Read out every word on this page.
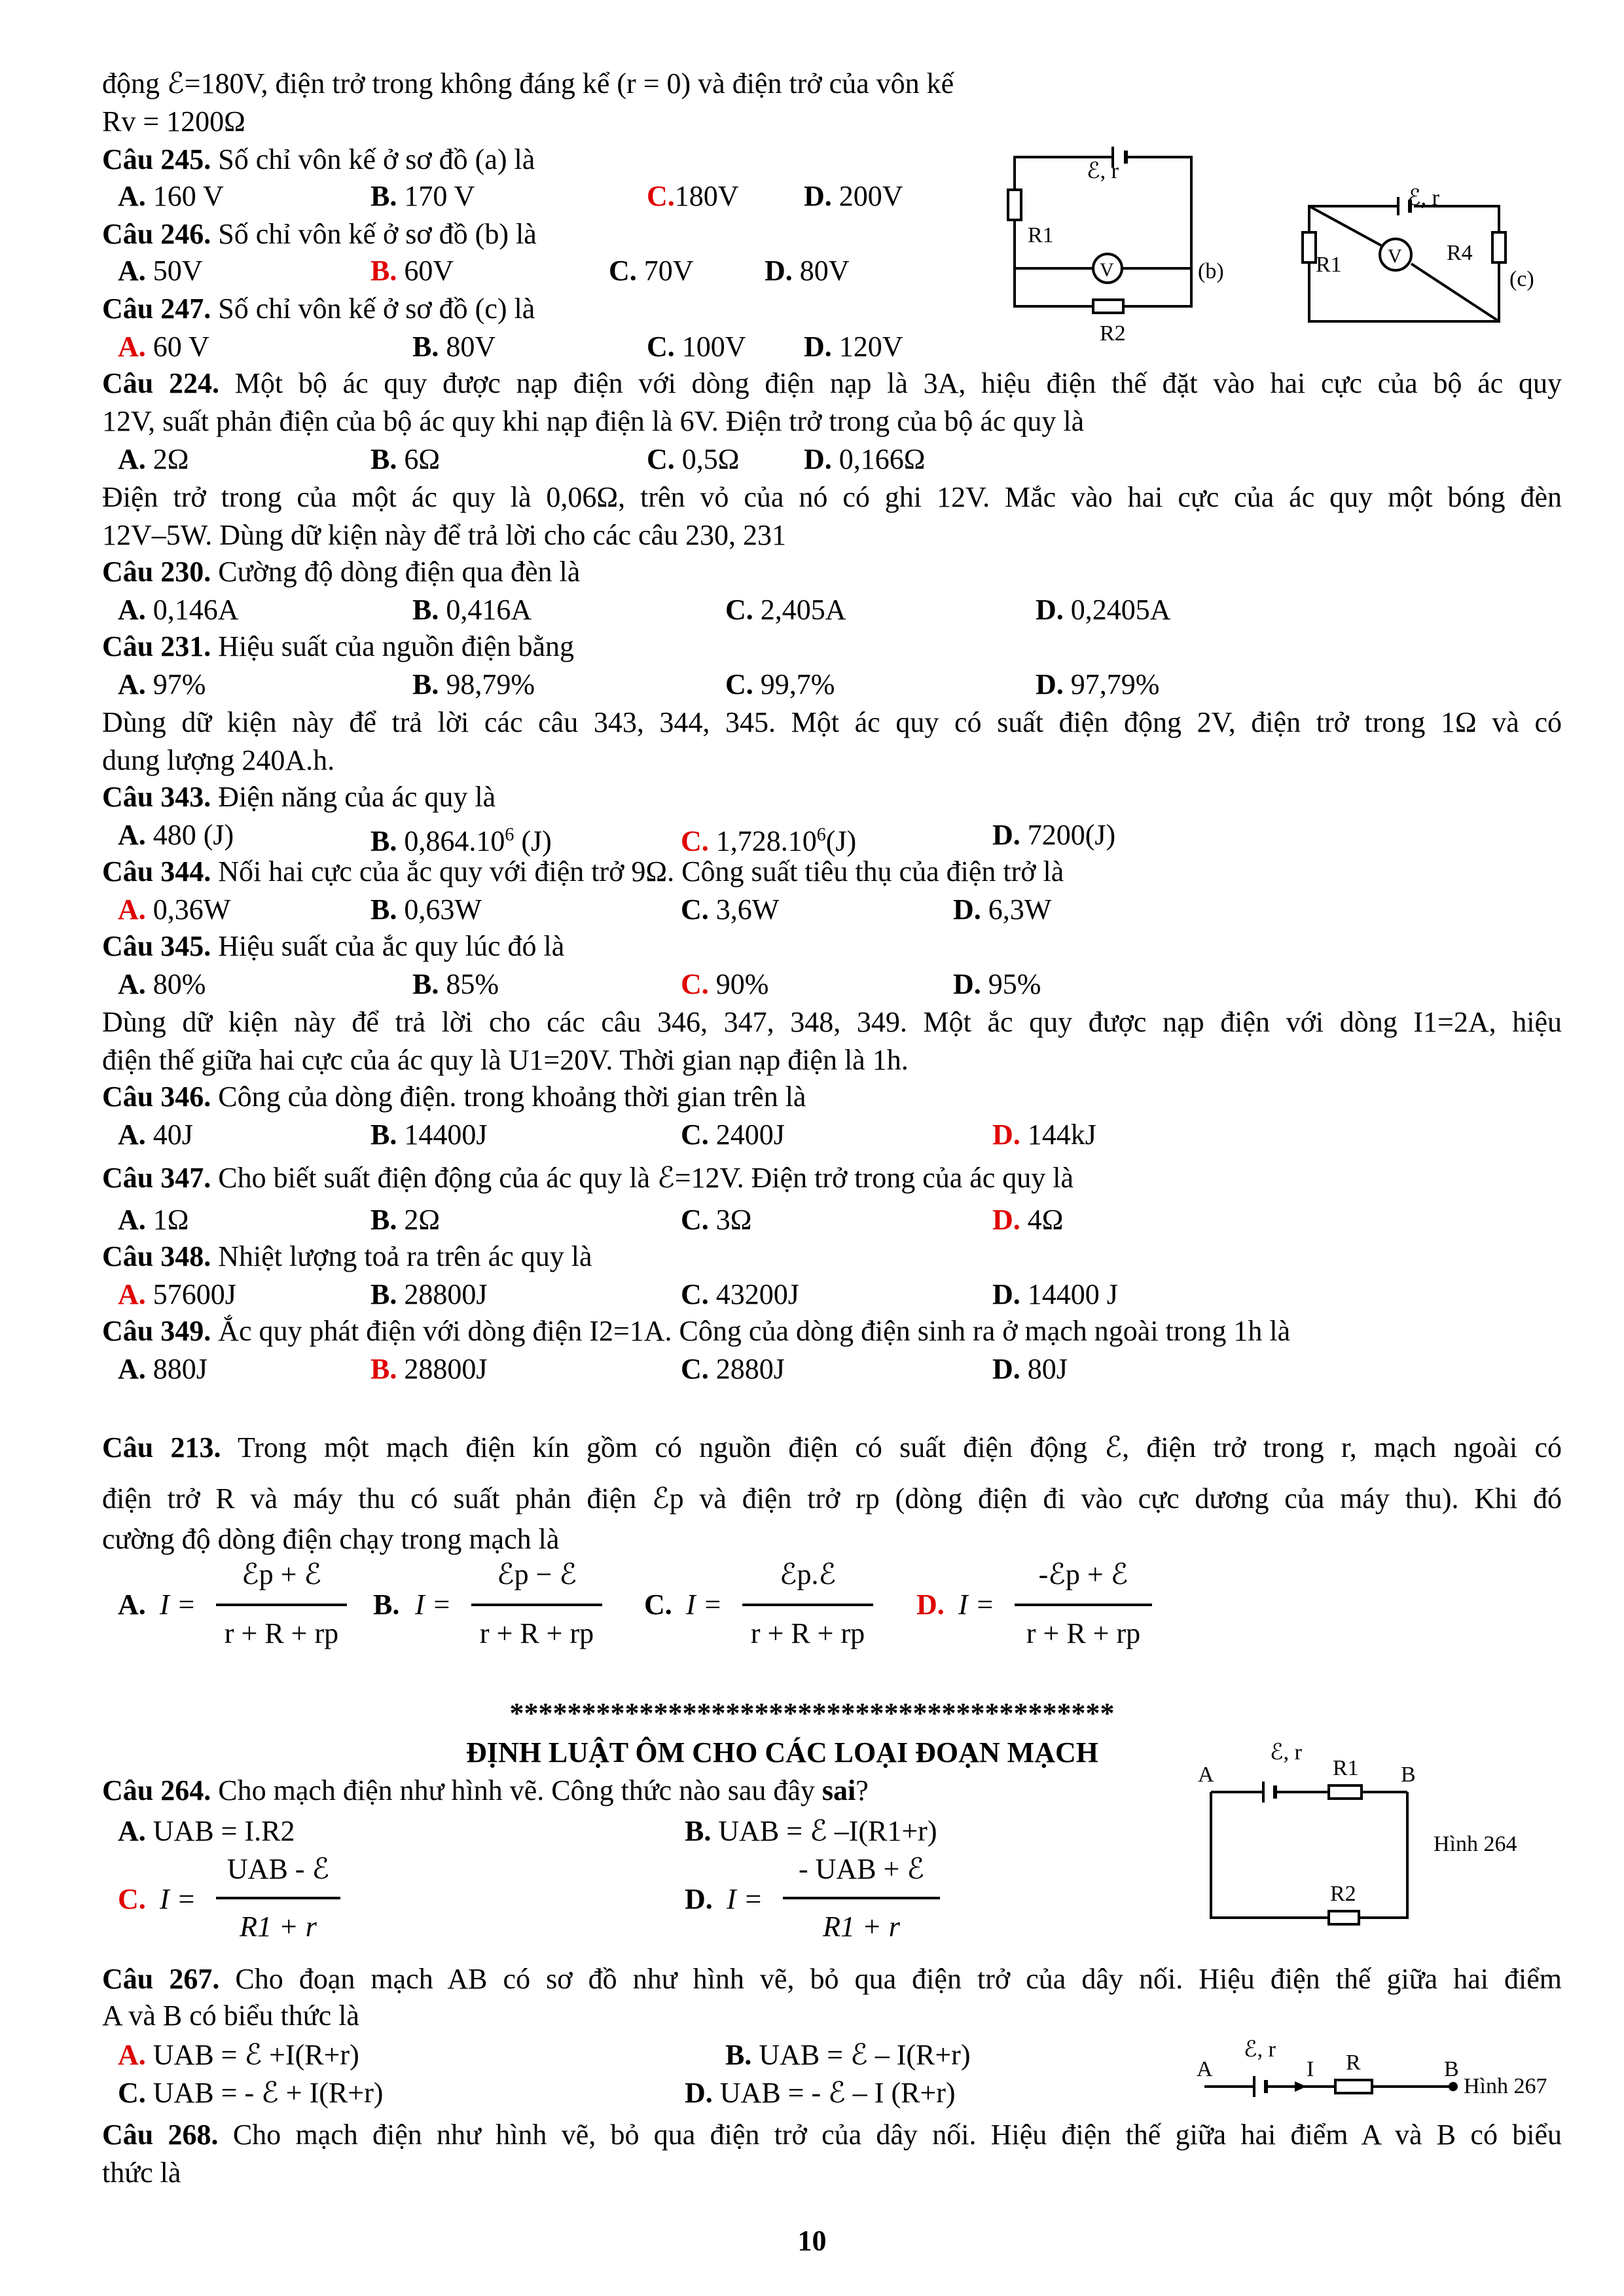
động ℰ=180V, điện trở trong không đáng kể (r = 0) và điện trở của vôn kế
Rv = 1200Ω
Câu 245. Số chỉ vôn kế ở sơ đồ (a) là
A. 160 V	B. 170 V	C.180V D. 200V
Câu 246. Số chỉ vôn kế ở sơ đồ (b) là
A. 50V	B. 60V	C. 70V D. 80V
Câu 247. Số chỉ vôn kế ở sơ đồ (c) là
A. 60 V	B. 80V	C. 100V D. 120V
ℰ, r
R1
V	(b)
R2
ℰ, r
R1 V R4
(c)
Câu 224. Một bộ ác quy được nạp điện với dòng điện nạp là 3A, hiệu điện thế đặt vào hai cực của bộ ác quy
12V, suất phản điện của bộ ác quy khi nạp điện là 6V. Điện trở trong của bộ ác quy là
A. 2Ω	B. 6Ω	C. 0,5Ω D. 0,166Ω
Điện trở trong của một ác quy là 0,06Ω, trên vỏ của nó có ghi 12V. Mắc vào hai cực của ác quy một bóng đèn
12V–5W. Dùng dữ kiện này để trả lời cho các câu 230, 231
Câu 230. Cường độ dòng điện qua đèn là
A. 0,146A	B. 0,416A	C. 2,405A	D. 0,2405A
Câu 231. Hiệu suất của nguồn điện bằng
A. 97%	B. 98,79%	C. 99,7%	D. 97,79%
Dùng dữ kiện này để trả lời các câu 343, 344, 345. Một ác quy có suất điện động 2V, điện trở trong 1Ω và có
dung lượng 240A.h.
Câu 343. Điện năng của ác quy là
A. 480 (J)	B. 0,864.10$^6$ (J)	C. 1,728.10$^6$(J)	D. 7200(J)
Câu 344. Nối hai cực của ắc quy với điện trở 9Ω. Công suất tiêu thụ của điện trở là
A. 0,36W	B. 0,63W	C. 3,6W	D. 6,3W
Câu 345. Hiệu suất của ắc quy lúc đó là
A. 80%	B. 85%	C. 90%	D. 95%
Dùng dữ kiện này để trả lời cho các câu 346, 347, 348, 349. Một ắc quy được nạp điện với dòng I1=2A, hiệu
điện thế giữa hai cực của ác quy là U1=20V. Thời gian nạp điện là 1h.
Câu 346. Công của dòng điện. trong khoảng thời gian trên là
A. 40J	B. 14400J	C. 2400J	D. 144kJ
Câu 347. Cho biết suất điện động của ác quy là ℰ=12V. Điện trở trong của ác quy là
A. 1Ω	B. 2Ω	C. 3Ω	D. 4Ω
Câu 348. Nhiệt lượng toả ra trên ác quy là
A. 57600J	B. 28800J	C. 43200J	D. 14400 J
Câu 349. Ắc quy phát điện với dòng điện I2=1A. Công của dòng điện sinh ra ở mạch ngoài trong 1h là
A. 880J	B. 28800J	C. 2880J	D. 80J
Câu 213. Trong một mạch điện kín gồm có nguồn điện có suất điện động ℰ, điện trở trong r, mạch ngoài có
điện trở R và máy thu có suất phản điện ℰp và điện trở rp (dòng điện đi vào cực dương của máy thu). Khi đó
cường độ dòng điện chạy trong mạch là
A. I =
ℰp + ℰ
r + R + rp
B. I =
ℰp − ℰ
r + R + rp
C. I =
ℰp.ℰ
r + R + rp
D. I =
-ℰp + ℰ
r + R + rp
******************************************
ĐỊNH LUẬT ÔM CHO CÁC LOẠI ĐOẠN MẠCH
Câu 264. Cho mạch điện như hình vẽ. Công thức nào sau đây sai?
A. UAB = I.R2	B. UAB = ℰ –I(R1+r)
C. I =
UAB - ℰ
R1 + r
D. I =
- UAB + ℰ
R1 + r
A	B
ℰ, r
R1
R2
Hình 264
Câu 267. Cho đoạn mạch AB có sơ đồ như hình vẽ, bỏ qua điện trở của dây nối. Hiệu điện thế giữa hai điểm
A và B có biểu thức là
A. UAB = ℰ +I(R+r)	B. UAB = ℰ – I(R+r)
C. UAB = - ℰ + I(R+r)	D. UAB = - ℰ – I (R+r)
A
ℰ, r
I R	B
Hình 267
Câu 268. Cho mạch điện như hình vẽ, bỏ qua điện trở của dây nối. Hiệu điện thế giữa hai điểm A và B có biểu
thức là
10
